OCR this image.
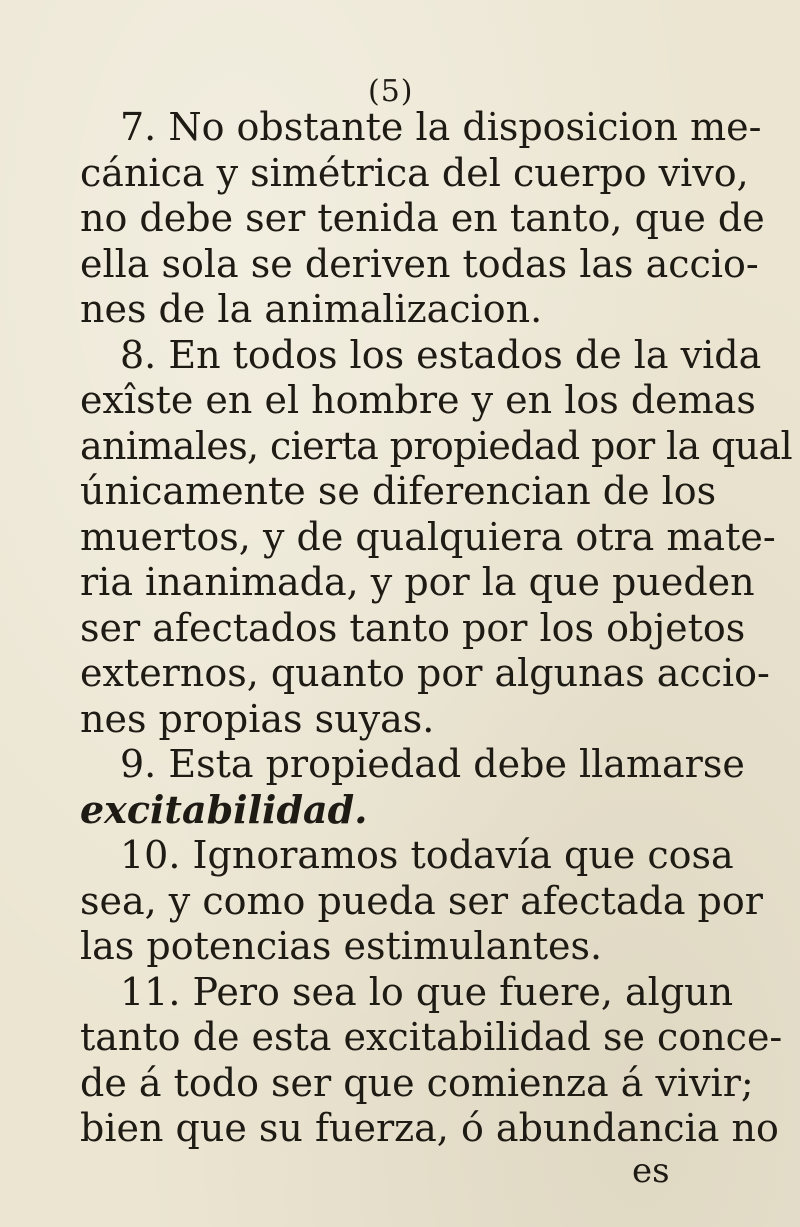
(5)
7. No obstante la disposicion me-
cánica y simétrica del cuerpo vivo,
no debe ser tenida en tanto, que de
ella sola se deriven todas las accio-
nes de la animalizacion.
8. En todos los estados de la vida
exîste en el hombre y en los demas
animales, cierta propiedad por la qual
únicamente se diferencian de los
muertos, y de qualquiera otra mate-
ria inanimada, y por la que pueden
ser afectados tanto por los objetos
externos, quanto por algunas accio-
nes propias suyas.
9. Esta propiedad debe llamarse
excitabilidad.
10. Ignoramos todavía que cosa
sea, y como pueda ser afectada por
las potencias estimulantes.
11. Pero sea lo que fuere, algun
tanto de esta excitabilidad se conce-
de á todo ser que comienza á vivir;
bien que su fuerza, ó abundancia no
es
